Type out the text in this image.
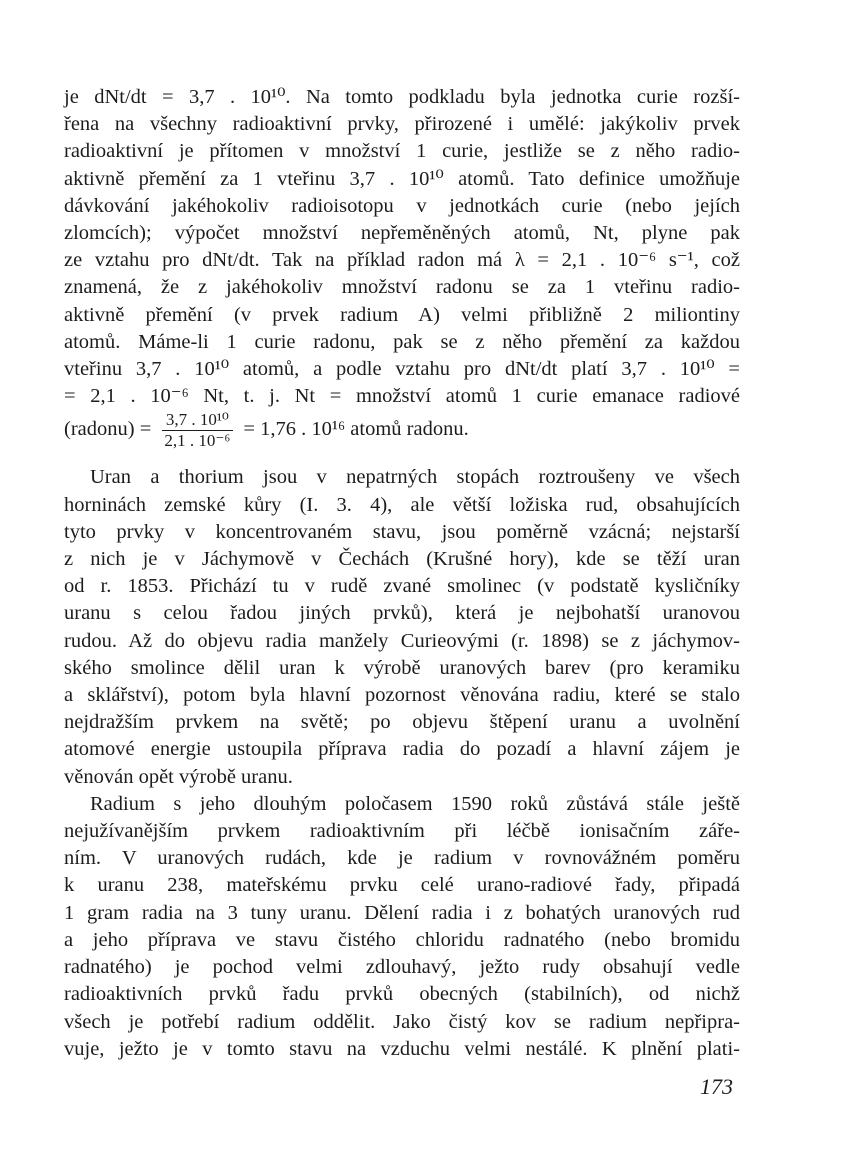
je dNt/dt = 3,7 . 10¹⁰. Na tomto podkladu byla jednotka curie rozší-
řena na všechny radioaktivní prvky, přirozené i umělé: jakýkoliv prvek
radioaktivní je přítomen v množství 1 curie, jestliže se z něho radio-
aktivně přemění za 1 vteřinu 3,7 . 10¹⁰ atomů. Tato definice umožňuje
dávkování jakéhokoliv radioisotopu v jednotkách curie (nebo jejích
zlomcích); výpočet množství nepřeměněných atomů, Nt, plyne pak
ze vztahu pro dNt/dt. Tak na příklad radon má λ = 2,1 . 10⁻⁶ s⁻¹, což
znamená, že z jakéhokoliv množství radonu se za 1 vteřinu radio-
aktivně přemění (v prvek radium A) velmi přibližně 2 miliontiny
atomů. Máme-li 1 curie radonu, pak se z něho přemění za každou
vteřinu 3,7 . 10¹⁰ atomů, a podle vztahu pro dNt/dt platí 3,7 . 10¹⁰ =
= 2,1 . 10⁻⁶ Nt, t. j. Nt = množství atomů 1 curie emanace radiové
(radonu) = $\frac{\text{3,7 . 10¹⁰}}{\text{2,1 . 10⁻⁶}} = 1,76$ . 10¹⁶ atomů radonu.
Uran a thorium jsou v nepatrných stopách roztroušeny ve všech
horninách zemské kůry (I. 3. 4), ale větší ložiska rud, obsahujících
tyto prvky v koncentrovaném stavu, jsou poměrně vzácná; nejstarší
z nich je v Jáchymově v Čechách (Krušné hory), kde se těží uran
od r. 1853. Přichází tu v rudě zvané smolinec (v podstatě kysličníky
uranu s celou řadou jiných prvků), která je nejbohatší uranovou
rudou. Až do objevu radia manžely Curieovými (r. 1898) se z jáchymov-
ského smolince dělil uran k výrobě uranových barev (pro keramiku
a sklářství), potom byla hlavní pozornost věnována radiu, které se stalo
nejdražším prvkem na světě; po objevu štěpení uranu a uvolnění
atomové energie ustoupila příprava radia do pozadí a hlavní zájem je
věnován opět výrobě uranu.
Radium s jeho dlouhým poločasem 1590 roků zůstává stále ještě
nejužívanějším prvkem radioaktivním při léčbě ionisačním záře-
ním. V uranových rudách, kde je radium v rovnovážném poměru
k uranu 238, mateřskému prvku celé urano-radiové řady, připadá
1 gram radia na 3 tuny uranu. Dělení radia i z bohatých uranových rud
a jeho příprava ve stavu čistého chloridu radnatého (nebo bromidu
radnatého) je pochod velmi zdlouhavý, ježto rudy obsahují vedle
radioaktivních prvků řadu prvků obecných (stabilních), od nichž
všech je potřebí radium oddělit. Jako čistý kov se radium nepřipra-
vuje, ježto je v tomto stavu na vzduchu velmi nestálé. K plnění plati-
173
